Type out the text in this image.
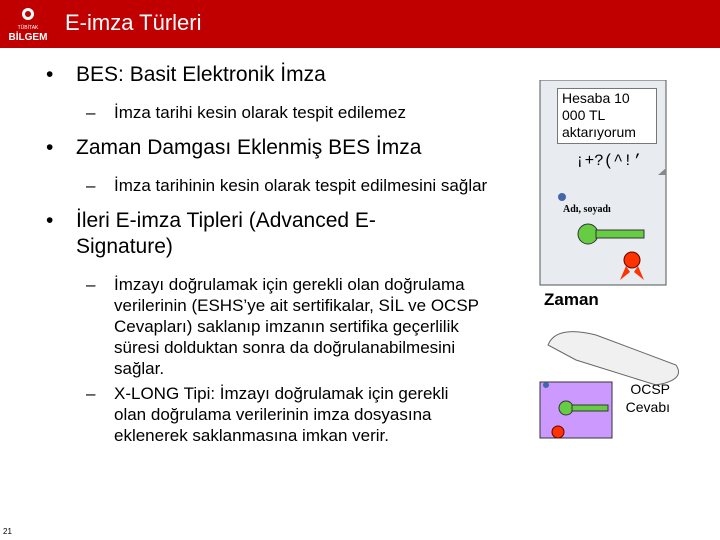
TÜBİTAK
BİLGEM
E-imza Türleri
• BES: Basit Elektronik İmza
– İmza tarihi kesin olarak tespit edilemez
• Zaman Damgası Eklenmiş BES İmza
– İmza tarihinin kesin olarak tespit edilmesini sağlar
• İleri E-imza Tipleri (Advanced E-Signature)
– İmzayı doğrulamak için gerekli olan doğrulama verilerinin (ESHS’ye ait sertifikalar, SİL ve OCSP Cevapları) saklanıp imzanın sertifika geçerlilik süresi dolduktan sonra da doğrulanabilmesini sağlar.
– X-LONG Tipi: İmzayı doğrulamak için gerekli olan doğrulama verilerinin imza dosyasına eklenerek saklanmasına imkan verir.
Hesaba 10 000 TL aktarıyorum
¡+?(^!’
Adı, soyadı
Zaman
OCSP Cevabı
21
